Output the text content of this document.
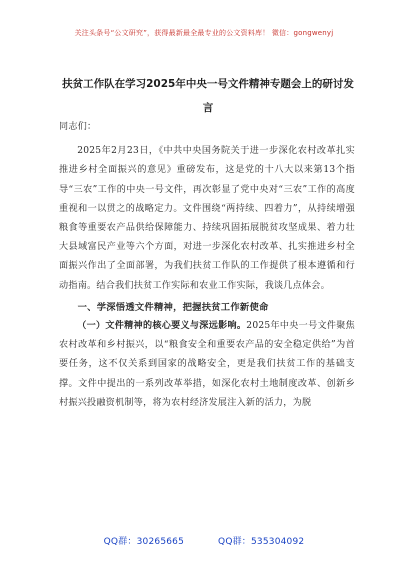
关注头条号“公文研究”，获得最新最全最专业的公文资料库！ 微信：gongwenyj
扶贫工作队在学习2025年中央一号文件精神专题会上的研讨发言

同志们：

2025年2月23日，《中共中央国务院关于进一步深化农村改革扎实推进乡村全面振兴的意见》重磅发布，这是党的十八大以来第13个指导“三农”工作的中央一号文件，再次彰显了党中央对“三农”工作的高度重视和一以贯之的战略定力。文件围绕“两持续、四着力”，从持续增强粮食等重要农产品供给保障能力、持续巩固拓展脱贫攻坚成果、着力壮大县域富民产业等六个方面，对进一步深化农村改革、扎实推进乡村全面振兴作出了全面部署，为我们扶贫工作队的工作提供了根本遵循和行动指南。结合我们扶贫工作实际和农业工作实际，我谈几点体会。

一、学深悟透文件精神，把握扶贫工作新使命

（一）文件精神的核心要义与深远影响。2025年中央一号文件聚焦农村改革和乡村振兴，以“粮食安全和重要农产品的安全稳定供给”为首要任务，这不仅关系到国家的战略安全，更是我们扶贫工作的基础支撑。文件中提出的一系列改革举措，如深化农村土地制度改革、创新乡村振兴投融资机制等，将为农村经济发展注入新的活力，为脱

QQ群：30265665	QQ群：535304092
